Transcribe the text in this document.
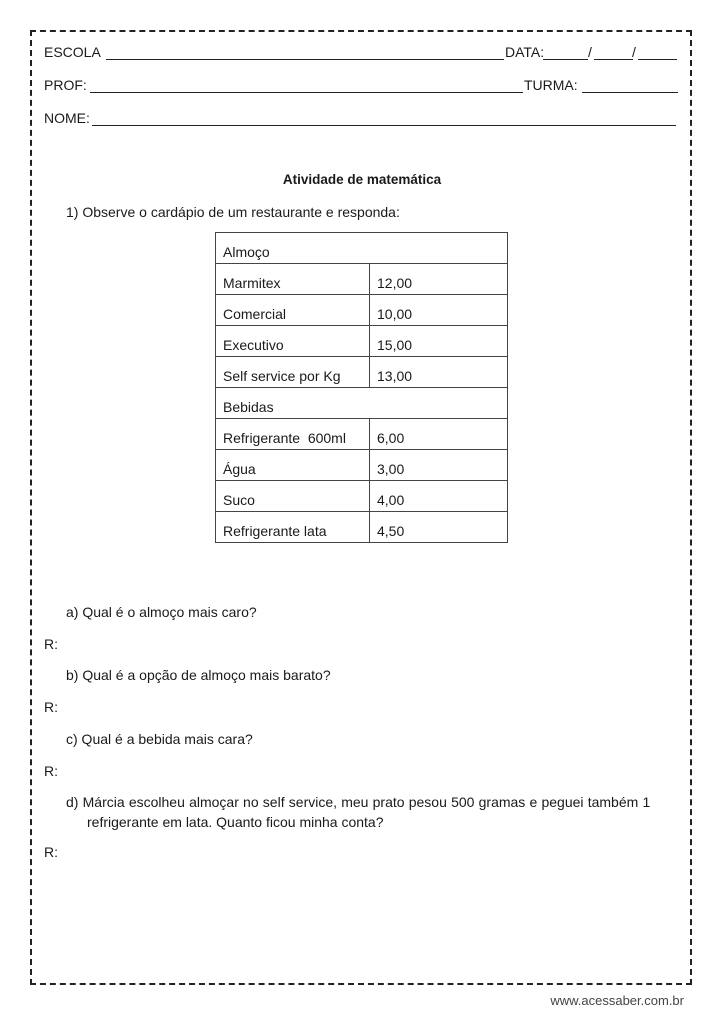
ESCOLA	DATA:	/	/
PROF:	TURMA:
NOME:
Atividade de matemática
1) Observe o cardápio de um restaurante e responda:
Almoço	
Marmitex	12,00
Comercial	10,00
Executivo	15,00
Self service por Kg	13,00
Bebidas	
Refrigerante  600ml	6,00
Água	3,00
Suco	4,00
Refrigerante lata	4,50
a) Qual é o almoço mais caro?
R:
b) Qual é a opção de almoço mais barato?
R:
c) Qual é a bebida mais cara?
R:
d) Márcia escolheu almoçar no self service, meu prato pesou 500 gramas e peguei também 1
refrigerante em lata. Quanto ficou minha conta?
R:
www.acessaber.com.br
